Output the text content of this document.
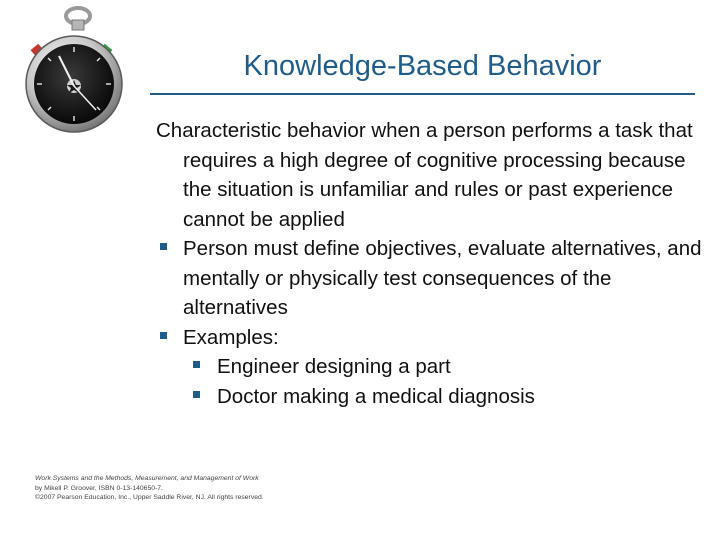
Knowledge-Based Behavior

Characteristic behavior when a person performs a task that requires a high degree of cognitive processing because the situation is unfamiliar and rules or past experience cannot be applied

Person must define objectives, evaluate alternatives, and mentally or physically test consequences of the alternatives
Examples:
Engineer designing a part
Doctor making a medical diagnosis
Work Systems and the Methods, Measurement, and Management of Work
by Mikell P. Groover, ISBN 0-13-140650-7.
©2007 Pearson Education, Inc., Upper Saddle River, NJ. All rights reserved.
